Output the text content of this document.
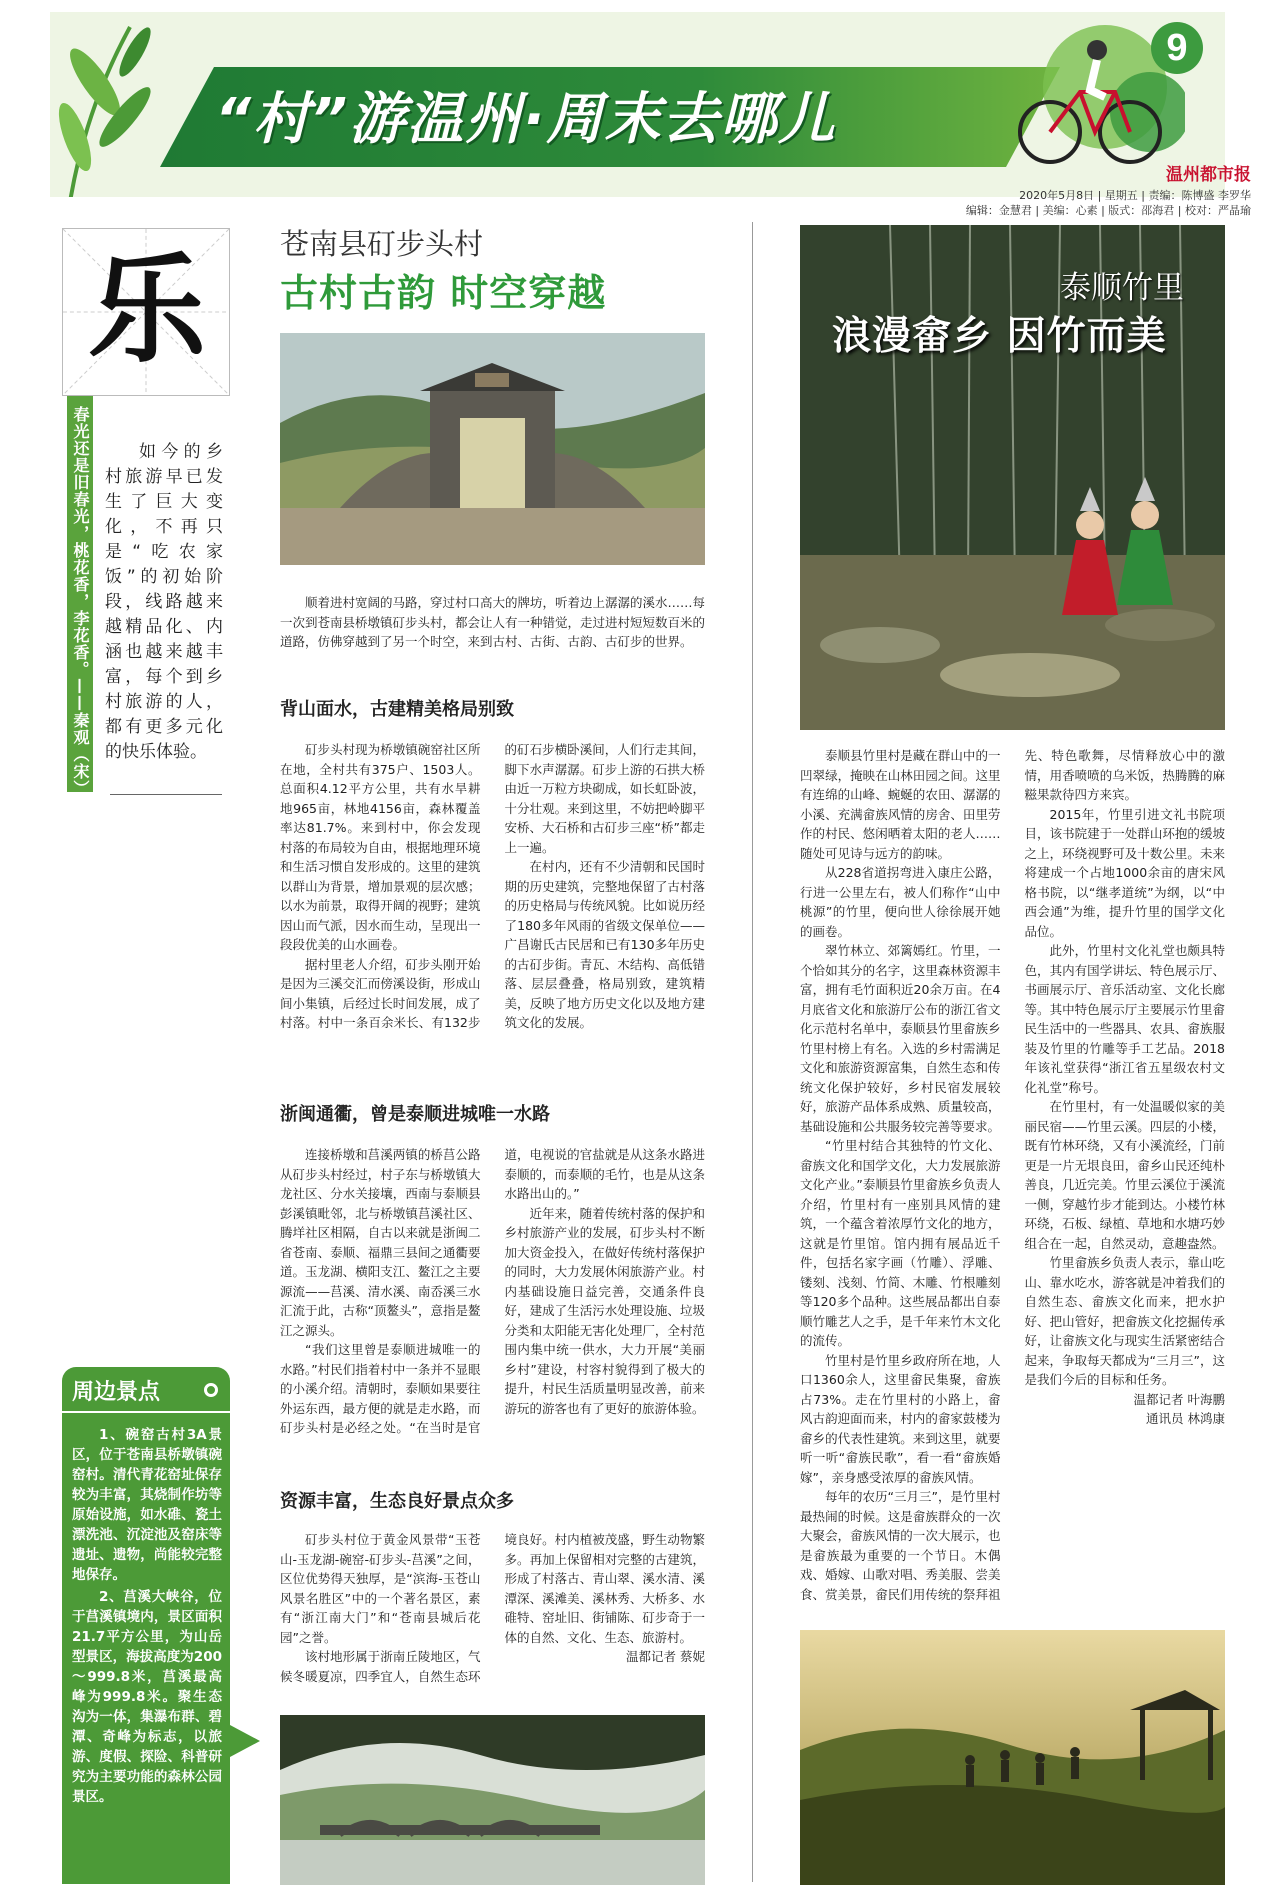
9
“村”游温州·周末去哪儿
温州都市报
2020年5月8日 | 星期五 | 责编：陈博盛 李罗华
编辑：金慧君 | 美编：心素 | 版式：邵海君 | 校对：严晶瑜
乐
春光还是旧春光，桃花香，李花香。——秦观（宋）	如今的乡村旅游早已发生了巨大变化，不再只是“吃农家饭”的初始阶段，线路越来越精品化、内涵也越来越丰富，每个到乡村旅游的人，都有更多元化的快乐体验。
周边景点

1、碗窑古村3A景区，位于苍南县桥墩镇碗窑村。清代青花窑址保存较为丰富，其烧制作坊等原始设施，如水碓、瓷土漂洗池、沉淀池及窑床等遗址、遗物，尚能较完整地保存。

2、莒溪大峡谷，位于莒溪镇境内，景区面积21.7平方公里，为山岳型景区，海拔高度为200～999.8米，莒溪最高峰为999.8米。聚生态沟为一体，集瀑布群、碧潭、奇峰为标志，以旅游、度假、探险、科普研究为主要功能的森林公园景区。

苍南县矴步头村
古村古韵 时空穿越
顺着进村宽阔的马路，穿过村口高大的牌坊，听着边上潺潺的溪水……每一次到苍南县桥墩镇矴步头村，都会让人有一种错觉，走过进村短短数百米的道路，仿佛穿越到了另一个时空，来到古村、古街、古韵、古矴步的世界。
背山面水，古建精美格局别致

矴步头村现为桥墩镇碗窑社区所在地，全村共有375户、1503人。总面积4.12平方公里，共有水旱耕地965亩，林地4156亩，森林覆盖率达81.7%。来到村中，你会发现村落的布局较为自由，根据地理环境和生活习惯自发形成的。这里的建筑以群山为背景，增加景观的层次感；以水为前景，取得开阔的视野；建筑因山而气派，因水而生动，呈现出一段段优美的山水画卷。

据村里老人介绍，矴步头刚开始是因为三溪交汇而傍溪设街，形成山间小集镇，后经过长时间发展，成了村落。村中一条百余米长、有132步的矴石步横卧溪间，人们行走其间，脚下水声潺潺。矴步上游的石拱大桥由近一万粒方块砌成，如长虹卧波，十分壮观。来到这里，不妨把岭脚平安桥、大石桥和古矴步三座“桥”都走上一遍。

在村内，还有不少清朝和民国时期的历史建筑，完整地保留了古村落的历史格局与传统风貌。比如说历经了180多年风雨的省级文保单位——广昌谢氏古民居和已有130多年历史的古矴步街。青瓦、木结构、高低错落、层层叠叠，格局别致，建筑精美，反映了地方历史文化以及地方建筑文化的发展。

浙闽通衢，曾是泰顺进城唯一水路

连接桥墩和莒溪两镇的桥莒公路从矴步头村经过，村子东与桥墩镇大龙社区、分水关接壤，西南与泰顺县彭溪镇毗邻，北与桥墩镇莒溪社区、腾垟社区相隔，自古以来就是浙闽二省苍南、泰顺、福鼎三县间之通衢要道。玉龙湖、横阳支江、鳌江之主要源流——莒溪、清水溪、南岙溪三水汇流于此，古称“顶鳌头”，意指是鳌江之源头。

“我们这里曾是泰顺进城唯一的水路。”村民们指着村中一条并不显眼的小溪介绍。清朝时，泰顺如果要往外运东西，最方便的就是走水路，而矴步头村是必经之处。“在当时是官道，电视说的官盐就是从这条水路进泰顺的，而泰顺的毛竹，也是从这条水路出山的。”

近年来，随着传统村落的保护和乡村旅游产业的发展，矴步头村不断加大资金投入，在做好传统村落保护的同时，大力发展休闲旅游产业。村内基础设施日益完善，交通条件良好，建成了生活污水处理设施、垃圾分类和太阳能无害化处理厂，全村范围内集中统一供水，大力开展“美丽乡村”建设，村容村貌得到了极大的提升，村民生活质量明显改善，前来游玩的游客也有了更好的旅游体验。

资源丰富，生态良好景点众多

矴步头村位于黄金风景带“玉苍山-玉龙湖-碗窑-矴步头-莒溪”之间，区位优势得天独厚，是“滨海-玉苍山风景名胜区”中的一个著名景区，素有“浙江南大门”和“苍南县城后花园”之誉。

该村地形属于浙南丘陵地区，气候冬暖夏凉，四季宜人，自然生态环境良好。村内植被茂盛，野生动物繁多。再加上保留相对完整的古建筑，形成了村落古、青山翠、溪水清、溪潭深、溪滩美、溪林秀、大桥多、水碓特、窑址旧、街铺陈、矴步奇于一体的自然、文化、生态、旅游村。

温都记者 蔡妮

泰顺竹里
浪漫畲乡 因竹而美

泰顺县竹里村是藏在群山中的一凹翠绿，掩映在山林田园之间。这里有连绵的山峰、蜿蜒的农田、潺潺的小溪、充满畲族风情的房舍、田里劳作的村民、悠闲晒着太阳的老人……随处可见诗与远方的韵味。

从228省道拐弯进入康庄公路，行进一公里左右，被人们称作“山中桃源”的竹里，便向世人徐徐展开她的画卷。

翠竹林立、郊篱嫣红。竹里，一个恰如其分的名字，这里森林资源丰富，拥有毛竹面积近20余万亩。在4月底省文化和旅游厅公布的浙江省文化示范村名单中，泰顺县竹里畲族乡竹里村榜上有名。入选的乡村需满足文化和旅游资源富集，自然生态和传统文化保护较好，乡村民宿发展较好，旅游产品体系成熟、质量较高，基础设施和公共服务较完善等要求。

“竹里村结合其独特的竹文化、畲族文化和国学文化，大力发展旅游文化产业。”泰顺县竹里畲族乡负责人介绍，竹里村有一座别具风情的建筑，一个蕴含着浓厚竹文化的地方，这就是竹里馆。馆内拥有展品近千件，包括名家字画（竹雕）、浮雕、镂刻、浅刻、竹简、木雕、竹根雕刻等120多个品种。这些展品都出自泰顺竹雕艺人之手，是千年来竹木文化的流传。

竹里村是竹里乡政府所在地，人口1360余人，这里畲民集聚，畲族占73%。走在竹里村的小路上，畲风古韵迎面而来，村内的畲家鼓楼为畲乡的代表性建筑。来到这里，就要听一听“畲族民歌”，看一看“畲族婚嫁”，亲身感受浓厚的畲族风情。

每年的农历“三月三”，是竹里村最热闹的时候。这是畲族群众的一次大聚会，畲族风情的一次大展示，也是畲族最为重要的一个节日。木偶戏、婚嫁、山歌对唱、秀美服、尝美食、赏美景，畲民们用传统的祭拜祖先、特色歌舞，尽情释放心中的激情，用香喷喷的乌米饭，热腾腾的麻糍果款待四方来宾。

2015年，竹里引进文礼书院项目，该书院建于一处群山环抱的缓坡之上，环绕视野可及十数公里。未来将建成一个占地1000余亩的唐宋风格书院，以“继孝道统”为纲，以“中西会通”为维，提升竹里的国学文化品位。

此外，竹里村文化礼堂也颇具特色，其内有国学讲坛、特色展示厅、书画展示厅、音乐活动室、文化长廊等。其中特色展示厅主要展示竹里畲民生活中的一些器具、农具、畲族服装及竹里的竹雕等手工艺品。2018年该礼堂获得“浙江省五星级农村文化礼堂”称号。

在竹里村，有一处温暖似家的美丽民宿——竹里云溪。四层的小楼，既有竹林环绕，又有小溪流经，门前更是一片无垠良田，畲乡山民还纯朴善良，几近完美。竹里云溪位于溪流一侧，穿越竹步才能到达。小楼竹林环绕，石板、绿植、草地和水塘巧妙组合在一起，自然灵动，意趣盎然。

竹里畲族乡负责人表示，靠山吃山、靠水吃水，游客就是冲着我们的自然生态、畲族文化而来，把水护好、把山管好，把畲族文化挖掘传承好，让畲族文化与现实生活紧密结合起来，争取每天都成为“三月三”，这是我们今后的目标和任务。

温都记者 叶海鹏

通讯员 林鸿康
